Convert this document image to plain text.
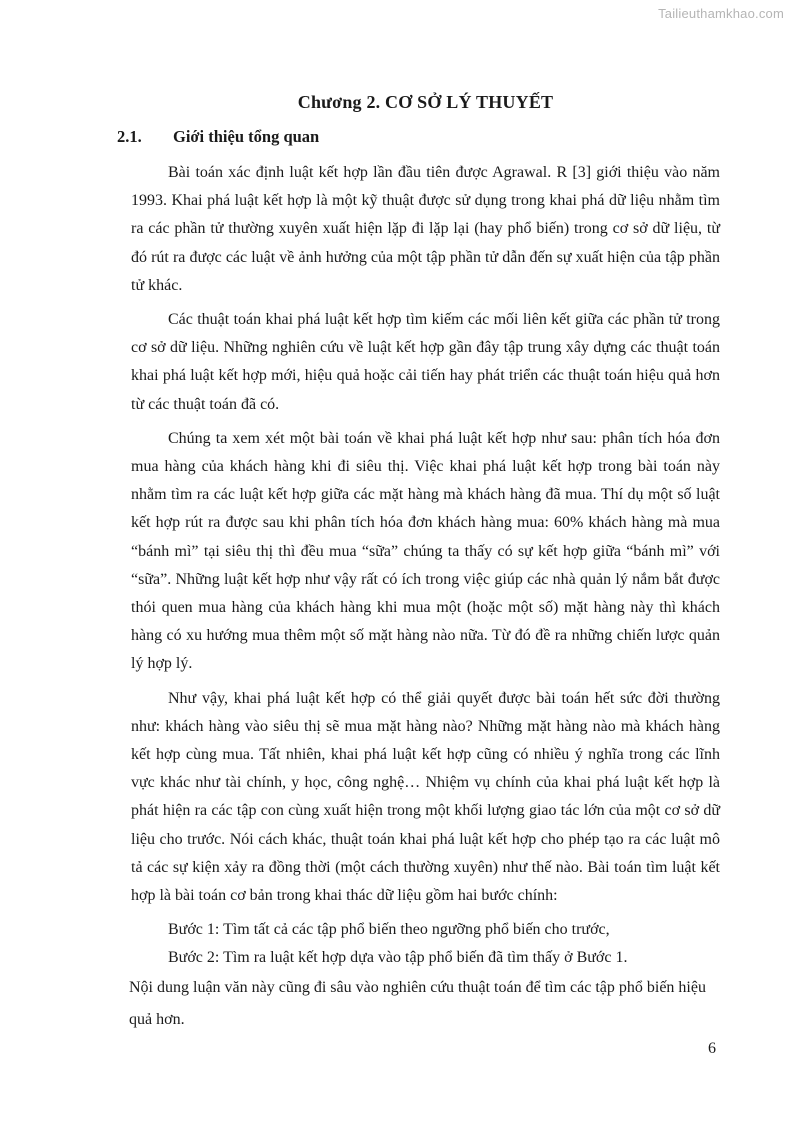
Tailieuthamkhao.com
Chương 2. CƠ SỞ LÝ THUYẾT
2.1.	Giới thiệu tổng quan

Bài toán xác định luật kết hợp lần đầu tiên được Agrawal. R [3] giới thiệu vào năm 1993. Khai phá luật kết hợp là một kỹ thuật được sử dụng trong khai phá dữ liệu nhằm tìm ra các phần tử thường xuyên xuất hiện lặp đi lặp lại (hay phổ biến) trong cơ sở dữ liệu, từ đó rút ra được các luật về ảnh hưởng của một tập phần tử dẫn đến sự xuất hiện của tập phần tử khác.

Các thuật toán khai phá luật kết hợp tìm kiếm các mối liên kết giữa các phần tử trong cơ sở dữ liệu. Những nghiên cứu về luật kết hợp gần đây tập trung xây dựng các thuật toán khai phá luật kết hợp mới, hiệu quả hoặc cải tiến hay phát triển các thuật toán hiệu quả hơn từ các thuật toán đã có.

Chúng ta xem xét một bài toán về khai phá luật kết hợp như sau: phân tích hóa đơn mua hàng của khách hàng khi đi siêu thị. Việc khai phá luật kết hợp trong bài toán này nhằm tìm ra các luật kết hợp giữa các mặt hàng mà khách hàng đã mua. Thí dụ một số luật kết hợp rút ra được sau khi phân tích hóa đơn khách hàng mua: 60% khách hàng mà mua “bánh mì” tại siêu thị thì đều mua “sữa” chúng ta thấy có sự kết hợp giữa “bánh mì” với “sữa”. Những luật kết hợp như vậy rất có ích trong việc giúp các nhà quản lý nắm bắt được thói quen mua hàng của khách hàng khi mua một (hoặc một số) mặt hàng này thì khách hàng có xu hướng mua thêm một số mặt hàng nào nữa. Từ đó đề ra những chiến lược quản lý hợp lý.

Như vậy, khai phá luật kết hợp có thể giải quyết được bài toán hết sức đời thường như: khách hàng vào siêu thị sẽ mua mặt hàng nào? Những mặt hàng nào mà khách hàng kết hợp cùng mua. Tất nhiên, khai phá luật kết hợp cũng có nhiều ý nghĩa trong các lĩnh vực khác như tài chính, y học, công nghệ… Nhiệm vụ chính của khai phá luật kết hợp là phát hiện ra các tập con cùng xuất hiện trong một khối lượng giao tác lớn của một cơ sở dữ liệu cho trước. Nói cách khác, thuật toán khai phá luật kết hợp cho phép tạo ra các luật mô tả các sự kiện xảy ra đồng thời (một cách thường xuyên) như thế nào. Bài toán tìm luật kết hợp là bài toán cơ bản trong khai thác dữ liệu gồm hai bước chính:

Bước 1: Tìm tất cả các tập phổ biến theo ngưỡng phổ biến cho trước,

Bước 2: Tìm ra luật kết hợp dựa vào tập phổ biến đã tìm thấy ở Bước 1.

Nội dung luận văn này cũng đi sâu vào nghiên cứu thuật toán để tìm các tập phổ biến hiệu quả hơn.

6
